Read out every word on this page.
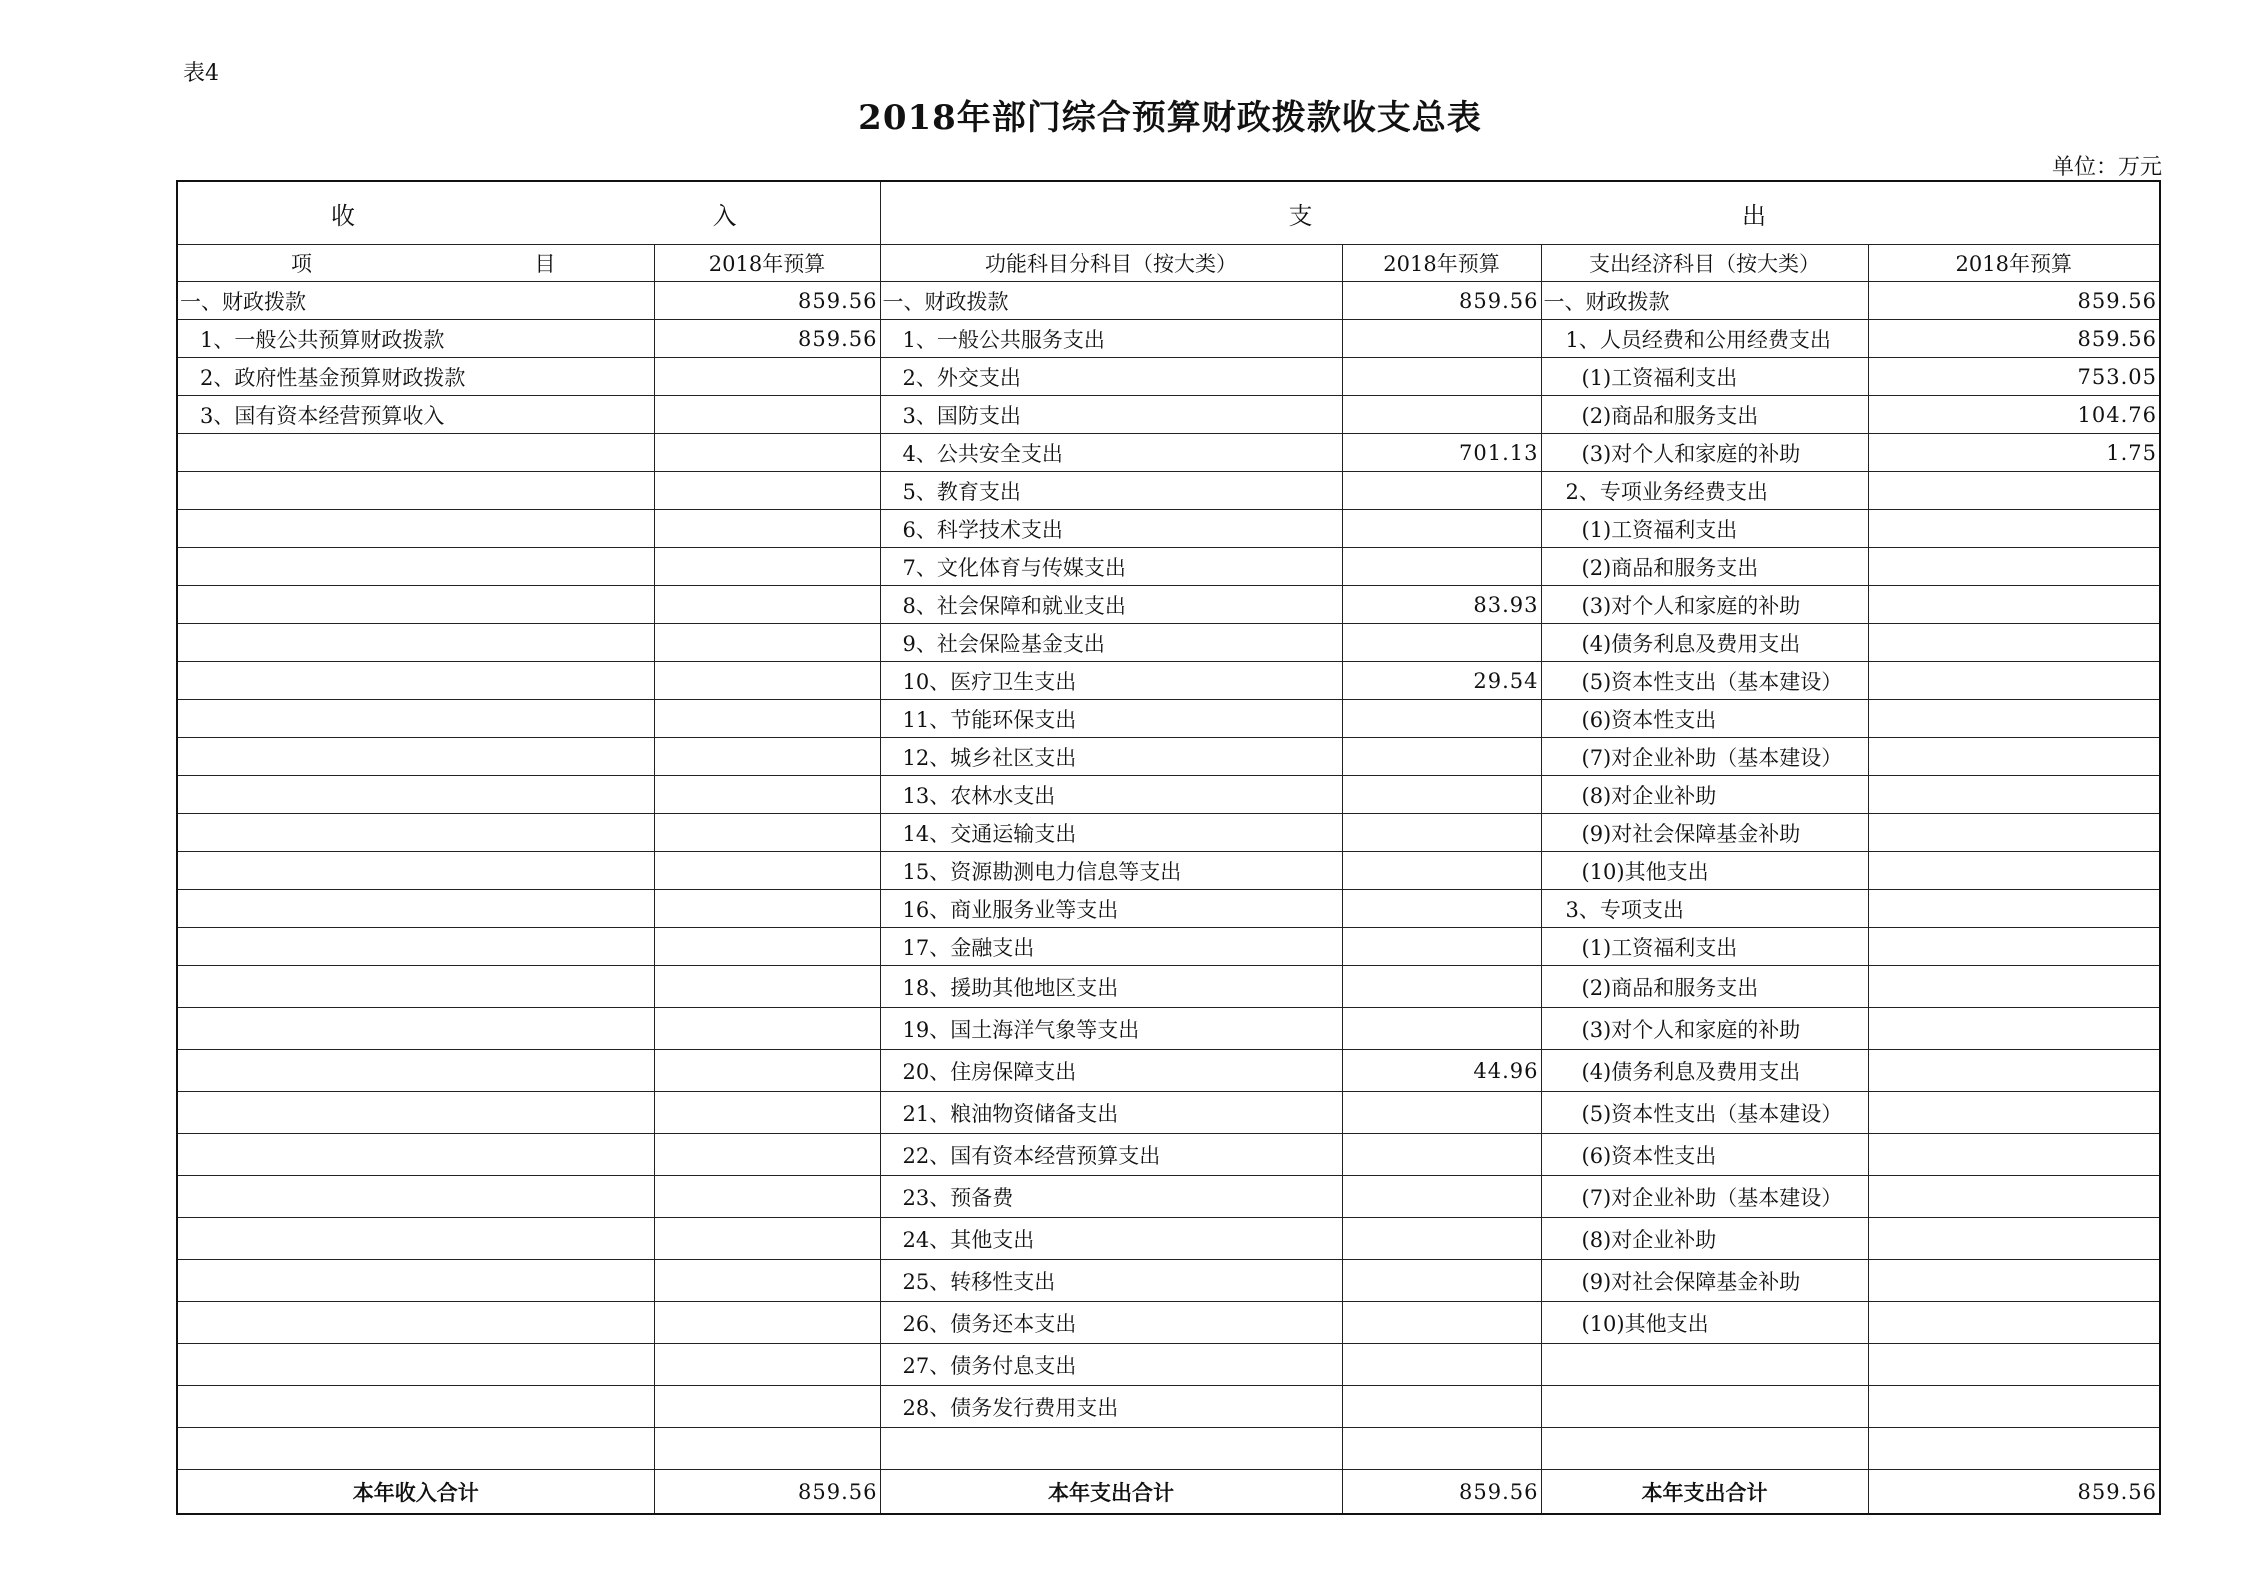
表4
2018年部门综合预算财政拨款收支总表
单位：万元
收 入		支 出			

项 目	2018年预算	功能科目分科目（按大类）	2018年预算	支出经济科目（按大类）	2018年预算
一、财政拨款	859.56	一、财政拨款	859.56	一、财政拨款	859.56
1、一般公共预算财政拨款	859.56	1、一般公共服务支出		1、人员经费和公用经费支出	859.56
2、政府性基金预算财政拨款		2、外交支出		(1)工资福利支出	753.05
3、国有资本经营预算收入		3、国防支出		(2)商品和服务支出	104.76
		4、公共安全支出	701.13	(3)对个人和家庭的补助	1.75
		5、教育支出		2、专项业务经费支出	
		6、科学技术支出		(1)工资福利支出	
		7、文化体育与传媒支出		(2)商品和服务支出	
		8、社会保障和就业支出	83.93	(3)对个人和家庭的补助	
		9、社会保险基金支出		(4)债务利息及费用支出	
		10、医疗卫生支出	29.54	(5)资本性支出（基本建设）	
		11、节能环保支出		(6)资本性支出	
		12、城乡社区支出		(7)对企业补助（基本建设）	
		13、农林水支出		(8)对企业补助	
		14、交通运输支出		(9)对社会保障基金补助	
		15、资源勘测电力信息等支出		(10)其他支出	
		16、商业服务业等支出		3、专项支出	
		17、金融支出		(1)工资福利支出	
		18、援助其他地区支出		(2)商品和服务支出	
		19、国土海洋气象等支出		(3)对个人和家庭的补助	
		20、住房保障支出	44.96	(4)债务利息及费用支出	
		21、粮油物资储备支出		(5)资本性支出（基本建设）	
		22、国有资本经营预算支出		(6)资本性支出	
		23、预备费		(7)对企业补助（基本建设）	
		24、其他支出		(8)对企业补助	
		25、转移性支出		(9)对社会保障基金补助	
		26、债务还本支出		(10)其他支出	
		27、债务付息支出			
		28、债务发行费用支出			

本年收入合计	859.56	本年支出合计	859.56	本年支出合计	859.56
